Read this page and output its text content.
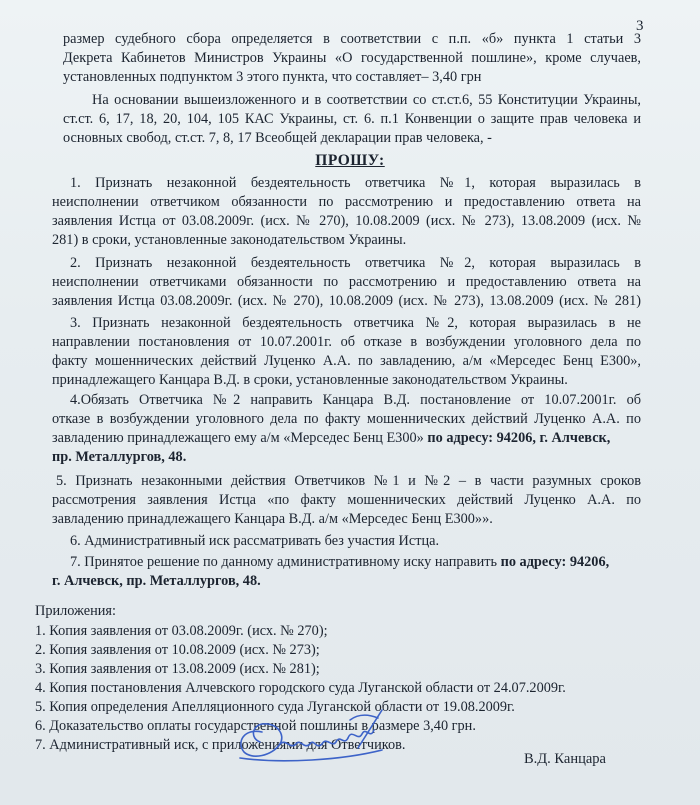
3
размер судебного сбора определяется в соответствии с п.п. «б» пункта 1 статьи 3
Декрета Кабинетов Министров Украины «О государственной пошлине», кроме случаев,
установленных подпунктом 3 этого пункта, что составляет– 3,40 грн
На основании вышеизложенного и в соответствии со ст.ст.6, 55 Конституции Украины,
ст.ст. 6, 17, 18, 20, 104, 105 КАС Украины, ст. 6. п.1 Конвенции о защите прав человека и
основных свобод, ст.ст. 7, 8, 17 Всеобщей декларации прав человека, -
ПРОШУ:
1. Признать незаконной бездеятельность ответчика №1, которая выразилась в
неисполнении ответчиком обязанности по рассмотрению и предоставлению ответа на
заявления Истца от 03.08.2009г. (исх. № 270), 10.08.2009 (исх. № 273), 13.08.2009 (исх. №
281) в сроки, установленные законодательством Украины.
2. Признать незаконной бездеятельность ответчика №2, которая выразилась в
неисполнении ответчиками обязанности по рассмотрению и предоставлению ответа на
заявления Истца 03.08.2009г. (исх. № 270), 10.08.2009 (исх. № 273), 13.08.2009 (исх. № 281)
3. Признать незаконной бездеятельность ответчика №2, которая выразилась в не
направлении постановления от 10.07.2001г. об отказе в возбуждении уголовного дела по
факту мошеннических действий Луценко А.А. по завладению, а/м «Мерседес Бенц Е300»,
принадлежащего Канцара В.Д. в сроки, установленные законодательством Украины.
4.Обязать Ответчика №2 направить Канцара В.Д. постановление от 10.07.2001г. об
отказе в возбуждении уголовного дела по факту мошеннических действий Луценко А.А. по
завладению принадлежащего ему а/м «Мерседес Бенц Е300» по адресу: 94206, г. Алчевск,
пр. Металлургов, 48.
5. Признать незаконными действия Ответчиков №1 и №2 – в части разумных сроков
рассмотрения заявления Истца «по факту мошеннических действий Луценко А.А. по
завладению принадлежащего Канцара В.Д. а/м «Мерседес Бенц Е300»».
6. Административный иск рассматривать без участия Истца.
7. Принятое решение по данному административному иску направить по адресу: 94206,
г. Алчевск, пр. Металлургов, 48.
Приложения:
1. Копия заявления от 03.08.2009г. (исх. № 270);
2. Копия заявления от 10.08.2009 (исх. № 273);
3. Копия заявления от 13.08.2009 (исх. № 281);
4. Копия постановления Алчевского городского суда Луганской области от 24.07.2009г.
5. Копия определения Апелляционного суда Луганской области от 19.08.2009г.
6. Доказательство оплаты государственной пошлины в размере 3,40 грн.
7. Административный иск, с приложениями для Ответчиков.
В.Д. Канцара
